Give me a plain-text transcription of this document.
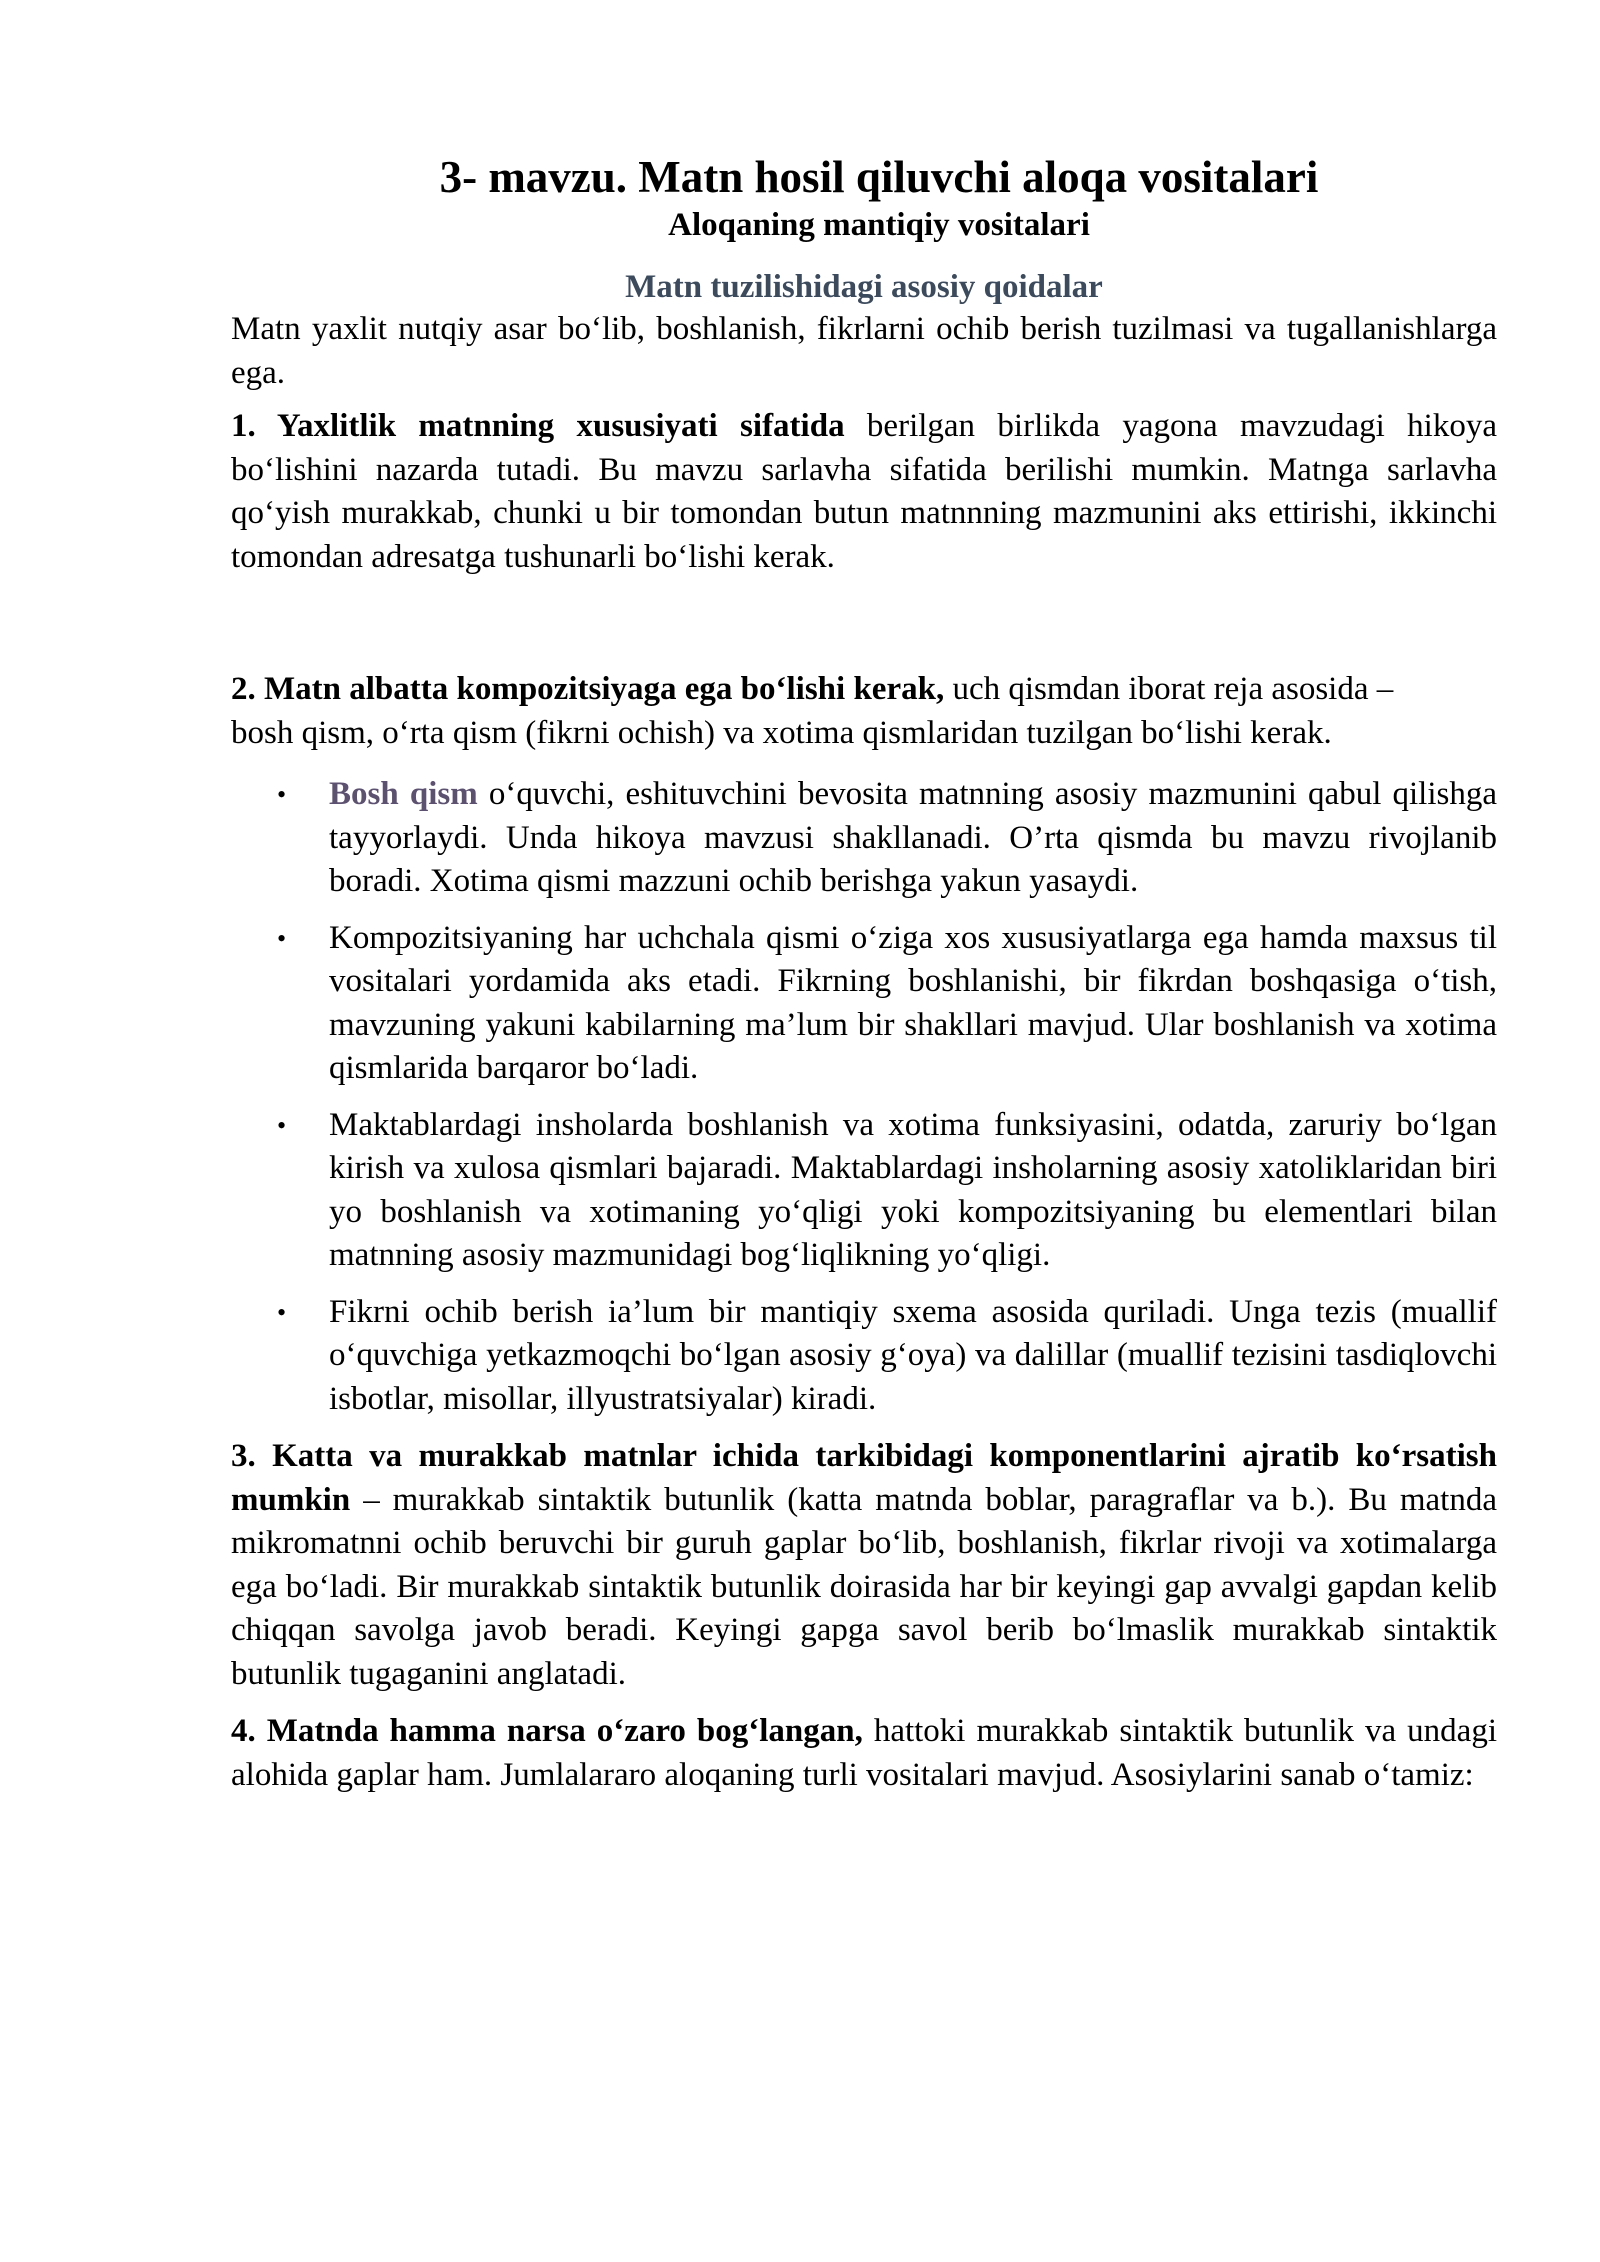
3- mavzu. Matn hosil qiluvchi aloqa vositalari
Aloqaning mantiqiy vositalari
Matn tuzilishidagi asosiy qoidalar

Matn yaxlit nutqiy asar bo‘lib, boshlanish, fikrlarni ochib berish tuzilmasi va tugallanishlarga ega.

1. Yaxlitlik matnning xususiyati sifatida berilgan birlikda yagona mavzudagi hikoya bo‘lishini nazarda tutadi. Bu mavzu sarlavha sifatida berilishi mumkin. Matnga sarlavha qo‘yish murakkab, chunki u bir tomondan butun matnnning mazmunini aks ettirishi, ikkinchi tomondan adresatga tushunarli bo‘lishi kerak.

2. Matn albatta kompozitsiyaga ega bo‘lishi kerak, uch qismdan iborat reja asosida – bosh qism, o‘rta qism (fikrni ochish) va xotima qismlaridan tuzilgan bo‘lishi kerak.

• Bosh qism o‘quvchi, eshituvchini bevosita matnning asosiy mazmunini qabul qilishga tayyorlaydi. Unda hikoya mavzusi shakllanadi. O’rta qismda bu mavzu rivojlanib boradi. Xotima qismi mazzuni ochib berishga yakun yasaydi.
• Kompozitsiyaning har uchchala qismi o‘ziga xos xususiyatlarga ega hamda maxsus til vositalari yordamida aks etadi. Fikrning boshlanishi, bir fikrdan boshqasiga o‘tish, mavzuning yakuni kabilarning ma’lum bir shakllari mavjud. Ular boshlanish va xotima qismlarida barqaror bo‘ladi.
• Maktablardagi insholarda boshlanish va xotima funksiyasini, odatda, zaruriy bo‘lgan kirish va xulosa qismlari bajaradi. Maktablardagi insholarning asosiy xatoliklaridan biri yo boshlanish va xotimaning yo‘qligi yoki kompozitsiyaning bu elementlari bilan matnning asosiy mazmunidagi bog‘liqlikning yo‘qligi.
• Fikrni ochib berish ia’lum bir mantiqiy sxema asosida quriladi. Unga tezis (muallif o‘quvchiga yetkazmoqchi bo‘lgan asosiy g‘oya) va dalillar (muallif tezisini tasdiqlovchi isbotlar, misollar, illyustratsiyalar) kiradi.

3. Katta va murakkab matnlar ichida tarkibidagi komponentlarini ajratib ko‘rsatish mumkin – murakkab sintaktik butunlik (katta matnda boblar, paragraflar va b.). Bu matnda mikromatnni ochib beruvchi bir guruh gaplar bo‘lib, boshlanish, fikrlar rivoji va xotimalarga ega bo‘ladi. Bir murakkab sintaktik butunlik doirasida har bir keyingi gap avvalgi gapdan kelib chiqqan savolga javob beradi. Keyingi gapga savol berib bo‘lmaslik murakkab sintaktik butunlik tugaganini anglatadi.

4. Matnda hamma narsa o‘zaro bog‘langan, hattoki murakkab sintaktik butunlik va undagi alohida gaplar ham. Jumlalararo aloqaning turli vositalari mavjud. Asosiylarini sanab o‘tamiz:
